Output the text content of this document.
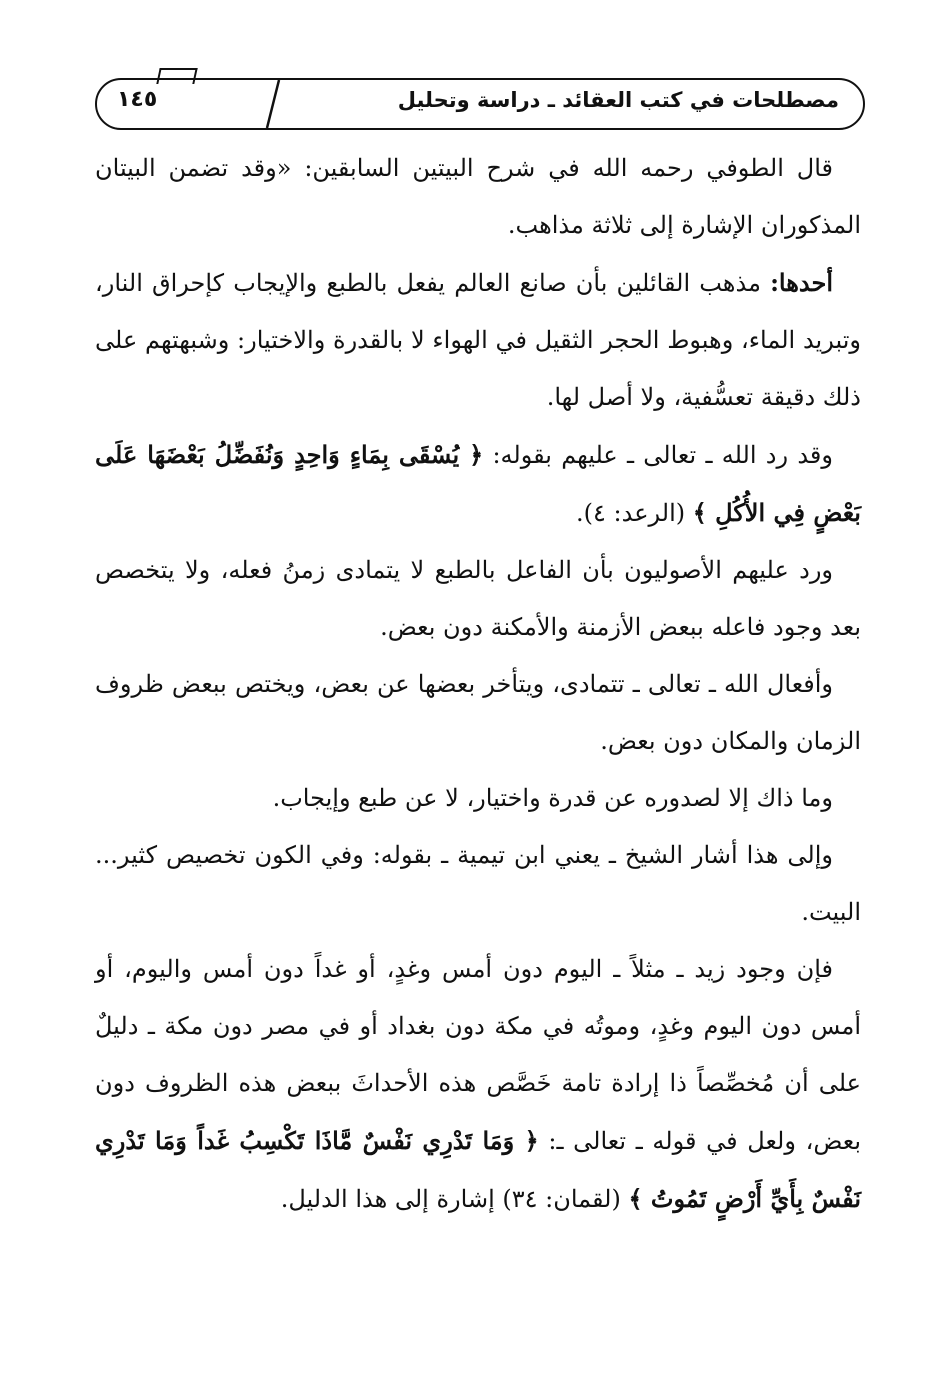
مصطلحات في كتب العقائد ـ دراسة وتحليل
١٤٥

قال الطوفي رحمه الله في شرح البيتين السابقين: «وقد تضمن البيتان المذكوران الإشارة إلى ثلاثة مذاهب.

أحدها: مذهب القائلين بأن صانع العالم يفعل بالطبع والإيجاب كإحراق النار، وتبريد الماء، وهبوط الحجر الثقيل في الهواء لا بالقدرة والاختيار: وشبهتهم على ذلك دقيقة تعسُّفية، ولا أصل لها.

وقد رد الله ـ تعالى ـ عليهم بقوله: ﴿ يُسْقَى بِمَاءٍ وَاحِدٍ وَنُفَضِّلُ بَعْضَهَا عَلَى بَعْضٍ فِي الأُكُلِ ﴾ (الرعد: ٤).

ورد عليهم الأصوليون بأن الفاعل بالطبع لا يتمادى زمنُ فعله، ولا يتخصص بعد وجود فاعله ببعض الأزمنة والأمكنة دون بعض.

وأفعال الله ـ تعالى ـ تتمادى، ويتأخر بعضها عن بعض، ويختص ببعض ظروف الزمان والمكان دون بعض.

وما ذاك إلا لصدوره عن قدرة واختيار، لا عن طبع وإيجاب.

وإلى هذا أشار الشيخ ـ يعني ابن تيمية ـ بقوله: وفي الكون تخصيص كثير... البيت.

فإن وجود زيد ـ مثلاً ـ اليوم دون أمس وغدٍ، أو غداً دون أمس واليوم، أو أمس دون اليوم وغدٍ، وموتُه في مكة دون بغداد أو في مصر دون مكة ـ دليلٌ على أن مُخصِّصاً ذا إرادة تامة خَصَّص هذه الأحداثَ ببعض هذه الظروف دون بعض، ولعل في قوله ـ تعالى ـ: ﴿ وَمَا تَدْرِي نَفْسٌ مَّاذَا تَكْسِبُ غَداً وَمَا تَدْرِي نَفْسٌ بِأَيِّ أَرْضٍ تَمُوتُ ﴾ (لقمان: ٣٤) إشارة إلى هذا الدليل.
